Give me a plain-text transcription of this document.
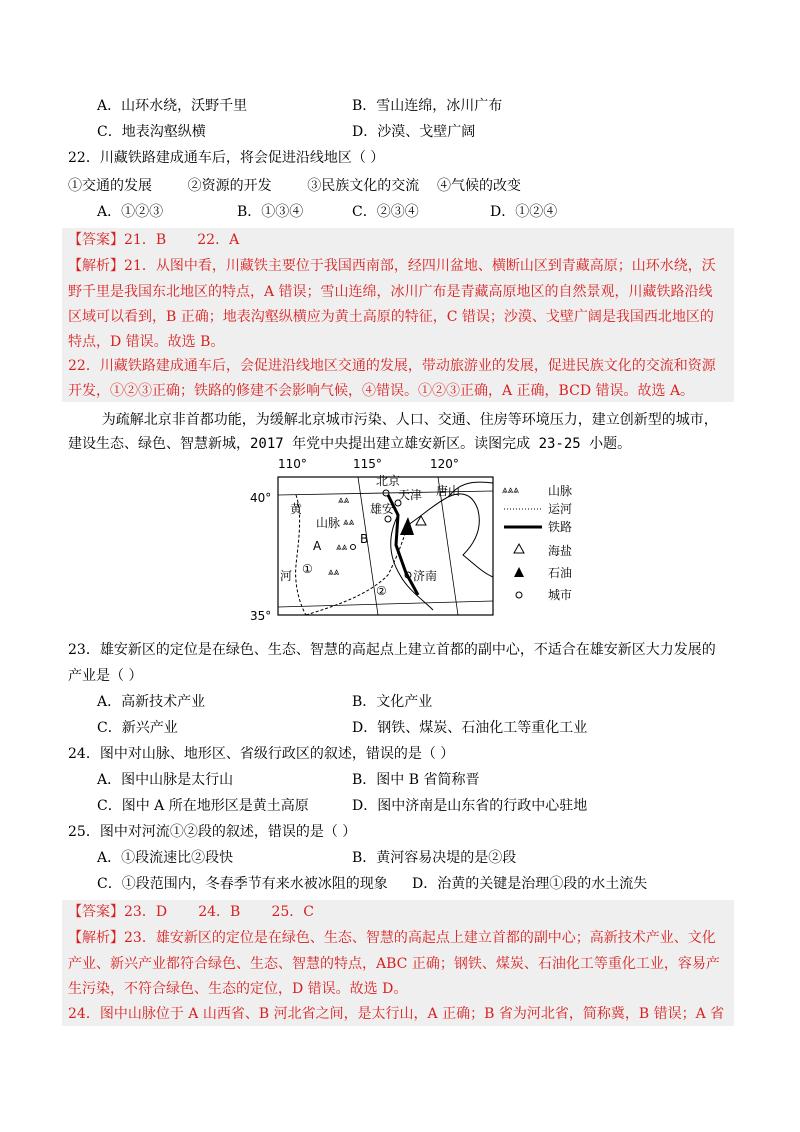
A．山环水绕，沃野千里	B．雪山连绵，冰川广布
C．地表沟壑纵横	D．沙漠、戈壁广阔
22．川藏铁路建成通车后，将会促进沿线地区（ ）
①交通的发展        ②资源的开发        ③民族文化的交流    ④气候的改变
A．①②③	B．①③④	C．②③④	D．①②④
【答案】21．B       22．A
【解析】21．从图中看，川藏铁主要位于我国西南部，经四川盆地、横断山区到青藏高原；山环水绕，沃
野千里是我国东北地区的特点，A 错误；雪山连绵，冰川广布是青藏高原地区的自然景观，川藏铁路沿线
区域可以看到，B 正确；地表沟壑纵横应为黄土高原的特征，C 错误；沙漠、戈壁广阔是我国西北地区的
特点，D 错误。故选 B。
22．川藏铁路建成通车后，会促进沿线地区交通的发展，带动旅游业的发展，促进民族文化的交流和资源
开发，①②③正确；铁路的修建不会影响气候，④错误。①②③正确，A 正确，BCD 错误。故选 A。
为疏解北京非首都功能，为缓解北京城市污染、人口、交通、住房等环境压力，建立创新型的城市，
建设生态、绿色、智慧新城，2017 年党中央提出建立雄安新区。读图完成 23-25 小题。
110°	115°	120°
40°
35°
⩓⩓
⩓⩓
⩓⩓
⩓⩓
北京
天津 唐山
雄安
济南
山脉
黄
河
A	B
①
②
⩓⩓⩓ 山脉
运河
铁路
海盐
石油
城市
23．雄安新区的定位是在绿色、生态、智慧的高起点上建立首都的副中心，不适合在雄安新区大力发展的
产业是（ ）
A．高新技术产业	B．文化产业
C．新兴产业	D．钢铁、煤炭、石油化工等重化工业
24．图中对山脉、地形区、省级行政区的叙述，错误的是（ ）
A．图中山脉是太行山	B．图中 B 省简称晋
C．图中 A 所在地形区是黄土高原	D．图中济南是山东省的行政中心驻地
25．图中对河流①②段的叙述，错误的是（ ）
A．①段流速比②段快	B．黄河容易决堤的是②段
C．①段范围内，冬春季节有来水被冰阻的现象 D．治黄的关键是治理①段的水土流失
【答案】23．D       24．B       25．C
【解析】23．雄安新区的定位是在绿色、生态、智慧的高起点上建立首都的副中心；高新技术产业、文化
产业、新兴产业都符合绿色、生态、智慧的特点，ABC 正确；钢铁、煤炭、石油化工等重化工业，容易产
生污染，不符合绿色、生态的定位，D 错误。故选 D。
24．图中山脉位于 A 山西省、B 河北省之间，是太行山，A 正确；B 省为河北省，简称冀，B 错误；A 省
